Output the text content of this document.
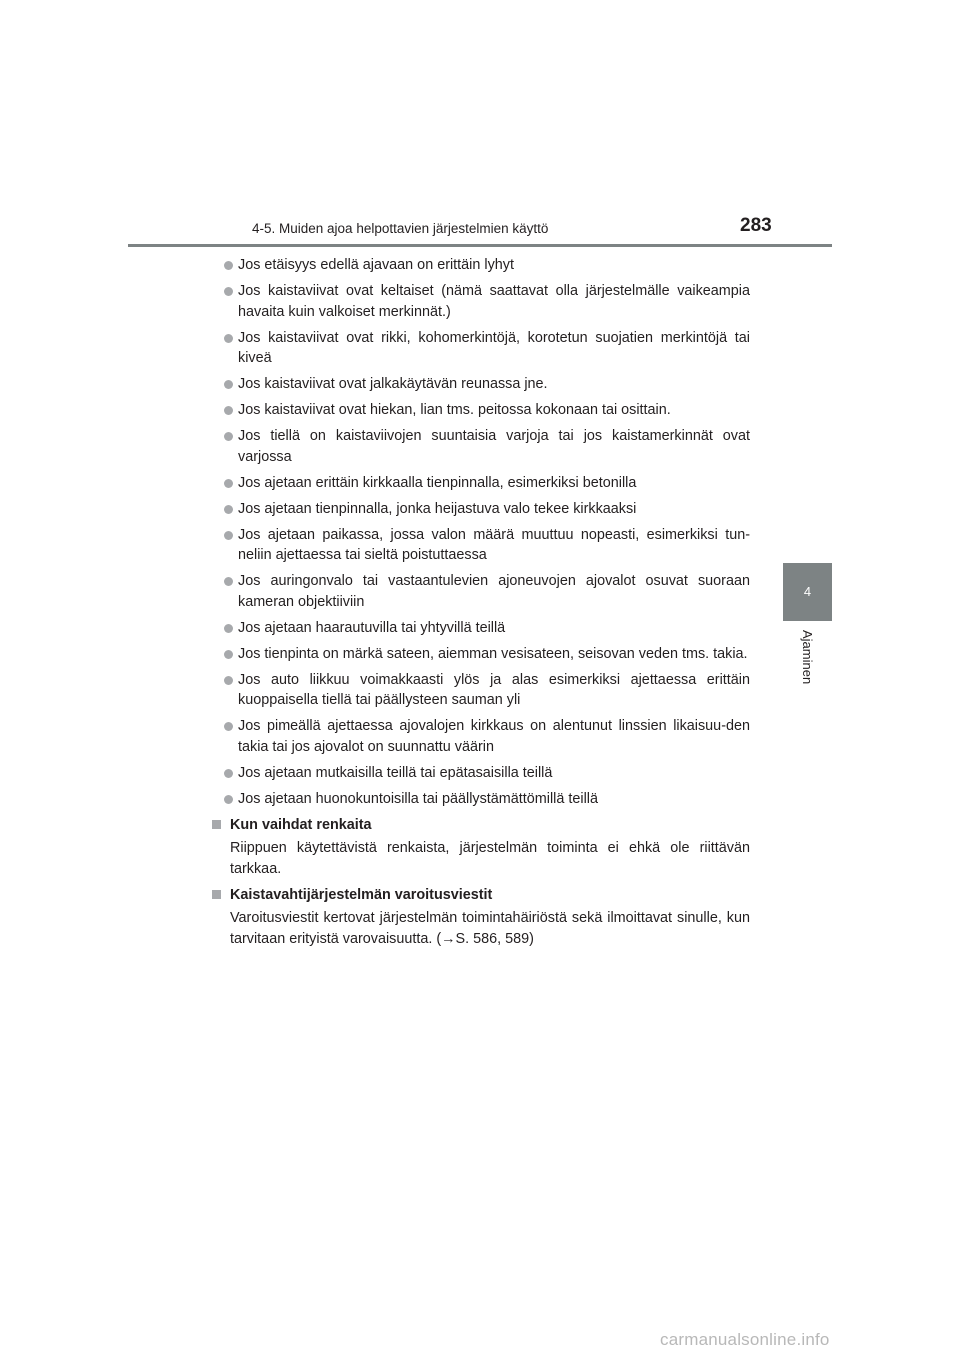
4-5. Muiden ajoa helpottavien järjestelmien käyttö	283
4
Ajaminen
Jos etäisyys edellä ajavaan on erittäin lyhyt
Jos kaistaviivat ovat keltaiset (nämä saattavat olla järjestelmälle vaikeampia havaita kuin valkoiset merkinnät.)
Jos kaistaviivat ovat rikki, kohomerkintöjä, korotetun suojatien merkintöjä tai kiveä
Jos kaistaviivat ovat jalkakäytävän reunassa jne.
Jos kaistaviivat ovat hiekan, lian tms. peitossa kokonaan tai osittain.
Jos tiellä on kaistaviivojen suuntaisia varjoja tai jos kaistamerkinnät ovat varjossa
Jos ajetaan erittäin kirkkaalla tienpinnalla, esimerkiksi betonilla
Jos ajetaan tienpinnalla, jonka heijastuva valo tekee kirkkaaksi
Jos ajetaan paikassa, jossa valon määrä muuttuu nopeasti, esimerkiksi tun-neliin ajettaessa tai sieltä poistuttaessa
Jos auringonvalo tai vastaantulevien ajoneuvojen ajovalot osuvat suoraan kameran objektiiviin
Jos ajetaan haarautuvilla tai yhtyvillä teillä
Jos tienpinta on märkä sateen, aiemman vesisateen, seisovan veden tms. takia.
Jos auto liikkuu voimakkaasti ylös ja alas esimerkiksi ajettaessa erittäin kuoppaisella tiellä tai päällysteen sauman yli
Jos pimeällä ajettaessa ajovalojen kirkkaus on alentunut linssien likaisuu-den takia tai jos ajovalot on suunnattu väärin
Jos ajetaan mutkaisilla teillä tai epätasaisilla teillä
Jos ajetaan huonokuntoisilla tai päällystämättömillä teillä
Kun vaihdat renkaita
Riippuen käytettävistä renkaista, järjestelmän toiminta ei ehkä ole riittävän tarkkaa.
Kaistavahtijärjestelmän varoitusviestit
Varoitusviestit kertovat järjestelmän toimintahäiriöstä sekä ilmoittavat sinulle, kun tarvitaan erityistä varovaisuutta. (→S. 586, 589)
carmanualsonline.info
